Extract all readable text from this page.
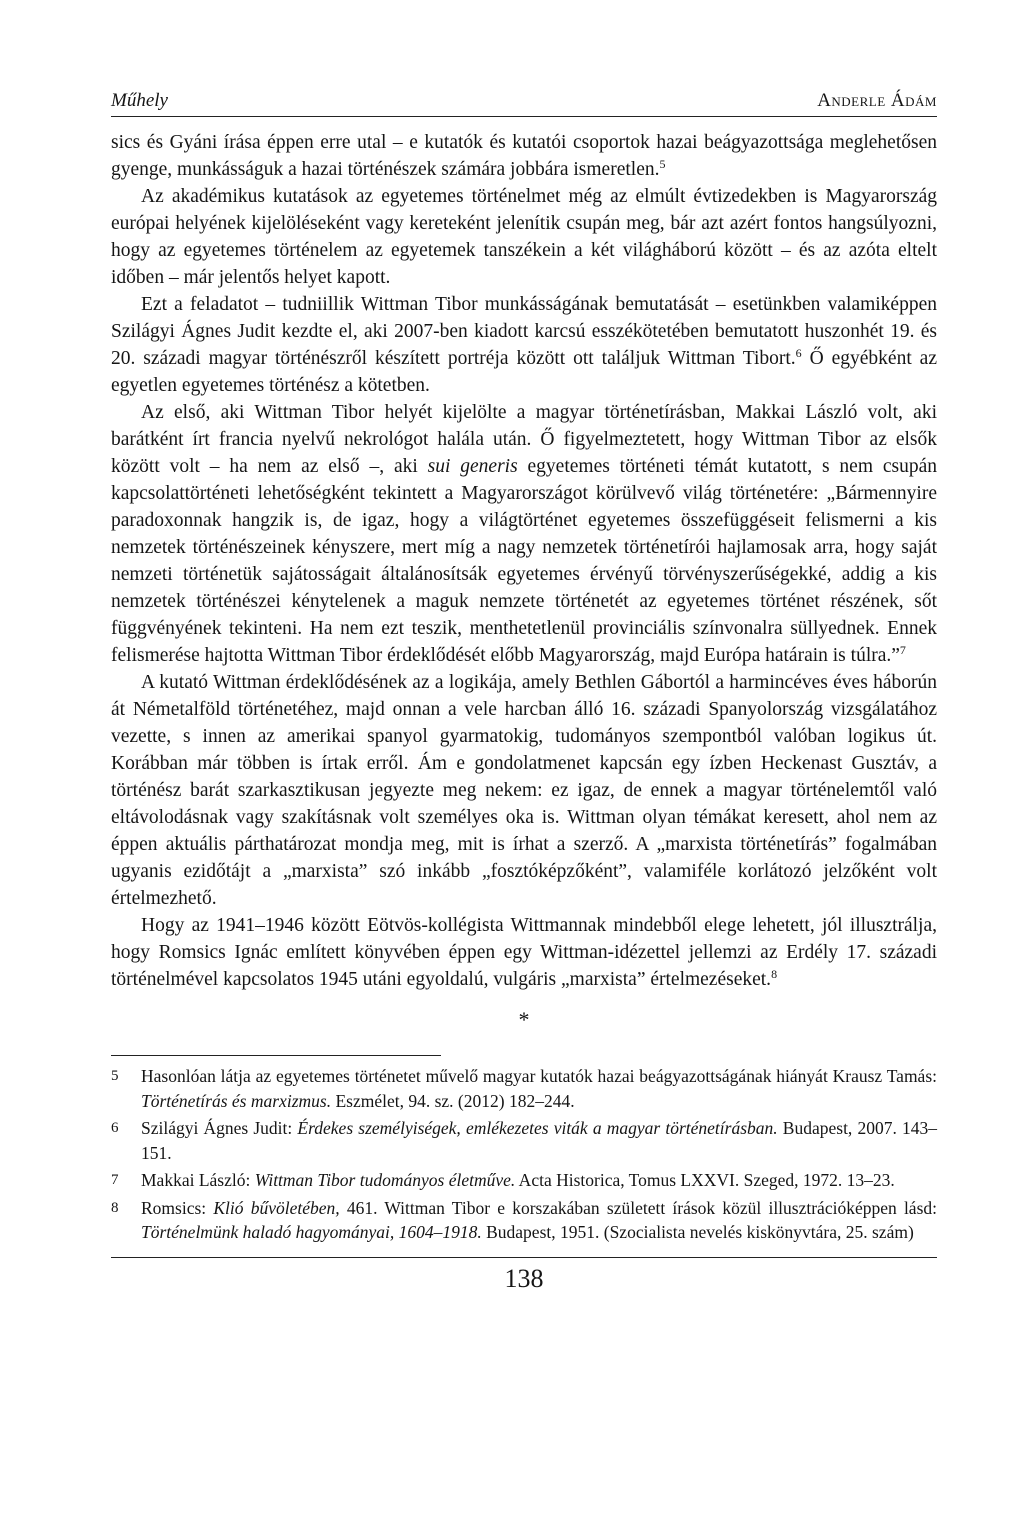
Műhely	Anderle Ádám

sics és Gyáni írása éppen erre utal – e kutatók és kutatói csoportok hazai beágyazottsága meglehetősen gyenge, munkásságuk a hazai történészek számára jobbára ismeretlen.$^5$

Az akadémikus kutatások az egyetemes történelmet még az elmúlt évtizedekben is Magyarország európai helyének kijelöléseként vagy kereteként jelenítik csupán meg, bár azt azért fontos hangsúlyozni, hogy az egyetemes történelem az egyetemek tanszékein a két világháború között – és az azóta eltelt időben – már jelentős helyet kapott.

Ezt a feladatot – tudniillik Wittman Tibor munkásságának bemutatását – esetünkben valamiképpen Szilágyi Ágnes Judit kezdte el, aki 2007-ben kiadott karcsú esszékötetében bemutatott huszonhét 19. és 20. századi magyar történészről készített portréja között ott találjuk Wittman Tibort.$^6$ Ő egyébként az egyetlen egyetemes történész a kötetben.

Az első, aki Wittman Tibor helyét kijelölte a magyar történetírásban, Makkai László volt, aki barátként írt francia nyelvű nekrológot halála után. Ő figyelmeztetett, hogy Wittman Tibor az elsők között volt – ha nem az első –, aki sui generis egyetemes történeti témát kutatott, s nem csupán kapcsolattörténeti lehetőségként tekintett a Magyarországot körülvevő világ történetére: „Bármennyire paradoxonnak hangzik is, de igaz, hogy a világtörténet egyetemes összefüggéseit felismerni a kis nemzetek történészeinek kényszere, mert míg a nagy nemzetek történetírói hajlamosak arra, hogy saját nemzeti történetük sajátosságait általánosítsák egyetemes érvényű törvényszerűségekké, addig a kis nemzetek történészei kénytelenek a maguk nemzete történetét az egyetemes történet részének, sőt függvényének tekinteni. Ha nem ezt teszik, menthetetlenül provinciális színvonalra süllyednek. Ennek felismerése hajtotta Wittman Tibor érdeklődését előbb Magyarország, majd Európa határain is túlra.”$^7$

A kutató Wittman érdeklődésének az a logikája, amely Bethlen Gábortól a harmincéves éves háborún át Németalföld történetéhez, majd onnan a vele harcban álló 16. századi Spanyolország vizsgálatához vezette, s innen az amerikai spanyol gyarmatokig, tudományos szempontból valóban logikus út. Korábban már többen is írtak erről. Ám e gondolatmenet kapcsán egy ízben Heckenast Gusztáv, a történész barát szarkasztikusan jegyezte meg nekem: ez igaz, de ennek a magyar történelemtől való eltávolodásnak vagy szakításnak volt személyes oka is. Wittman olyan témákat keresett, ahol nem az éppen aktuális párthatározat mondja meg, mit is írhat a szerző. A „marxista történetírás” fogalmában ugyanis ezidőtájt a „marxista” szó inkább „fosztóképzőként”, valamiféle korlátozó jelzőként volt értelmezhető.

Hogy az 1941–1946 között Eötvös-kollégista Wittmannak mindebből elege lehetett, jól illusztrálja, hogy Romsics Ignác említett könyvében éppen egy Wittman-idézettel jellemzi az Erdély 17. századi történelmével kapcsolatos 1945 utáni egyoldalú, vulgáris „marxista” értelmezéseket.$^8$

*
5 Hasonlóan látja az egyetemes történetet művelő magyar kutatók hazai beágyazottságának hiányát Krausz Tamás: Történetírás és marxizmus. Eszmélet, 94. sz. (2012) 182–244.
6 Szilágyi Ágnes Judit: Érdekes személyiségek, emlékezetes viták a magyar történetírásban. Budapest, 2007. 143–151.
7 Makkai László: Wittman Tibor tudományos életműve. Acta Historica, Tomus LXXVI. Szeged, 1972. 13–23.
8 Romsics: Klió bűvöletében, 461. Wittman Tibor e korszakában született írások közül illusztrációképpen lásd: Történelmünk haladó hagyományai, 1604–1918. Budapest, 1951. (Szocialista nevelés kiskönyvtára, 25. szám)
138
